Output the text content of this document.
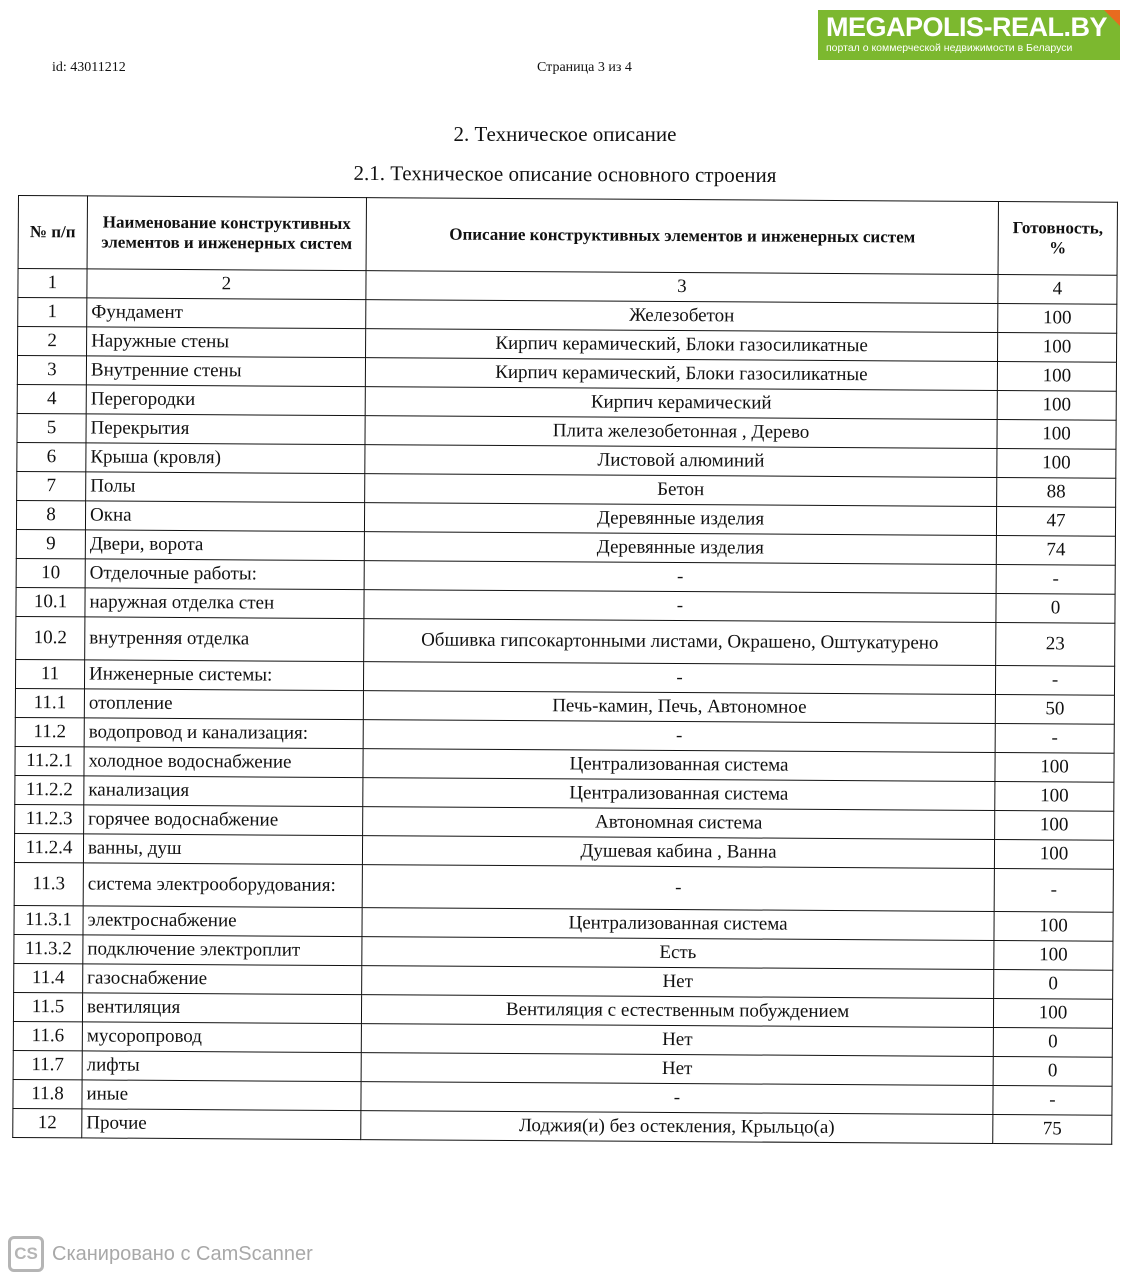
id: 43011212	Страница 3 из 4
MEGAPOLIS-REAL.BY
портал о коммерческой недвижимости в Беларуси
2. Техническое описание
2.1. Техническое описание основного строения
№ п/п	Наименование конструктивных элементов и инженерных систем	Описание конструктивных элементов и инженерных систем	Готовность, %
1	2	3	4
1	Фундамент	Железобетон	100
2	Наружные стены	Кирпич керамический, Блоки газосиликатные	100
3	Внутренние стены	Кирпич керамический, Блоки газосиликатные	100
4	Перегородки	Кирпич керамический	100
5	Перекрытия	Плита железобетонная , Дерево	100
6	Крыша (кровля)	Листовой алюминий	100
7	Полы	Бетон	88
8	Окна	Деревянные изделия	47
9	Двери, ворота	Деревянные изделия	74
10	Отделочные работы:	-	-
10.1	наружная отделка стен	-	0
10.2	внутренняя отделка	Обшивка гипсокартонными листами, Окрашено, Оштукатурено	23
11	Инженерные системы:	-	-
11.1	отопление	Печь-камин, Печь, Автономное	50
11.2	водопровод и канализация:	-	-
11.2.1	холодное водоснабжение	Централизованная система	100
11.2.2	канализация	Централизованная система	100
11.2.3	горячее водоснабжение	Автономная система	100
11.2.4	ванны, душ	Душевая кабина , Ванна	100
11.3	система электрооборудования:	-	-
11.3.1	электроснабжение	Централизованная система	100
11.3.2	подключение электроплит	Есть	100
11.4	газоснабжение	Нет	0
11.5	вентиляция	Вентиляция с естественным побуждением	100
11.6	мусоропровод	Нет	0
11.7	лифты	Нет	0
11.8	иные	-	-
12	Прочие	Лоджия(и) без остекления, Крыльцо(а)	75
CS Сканировано с CamScanner
